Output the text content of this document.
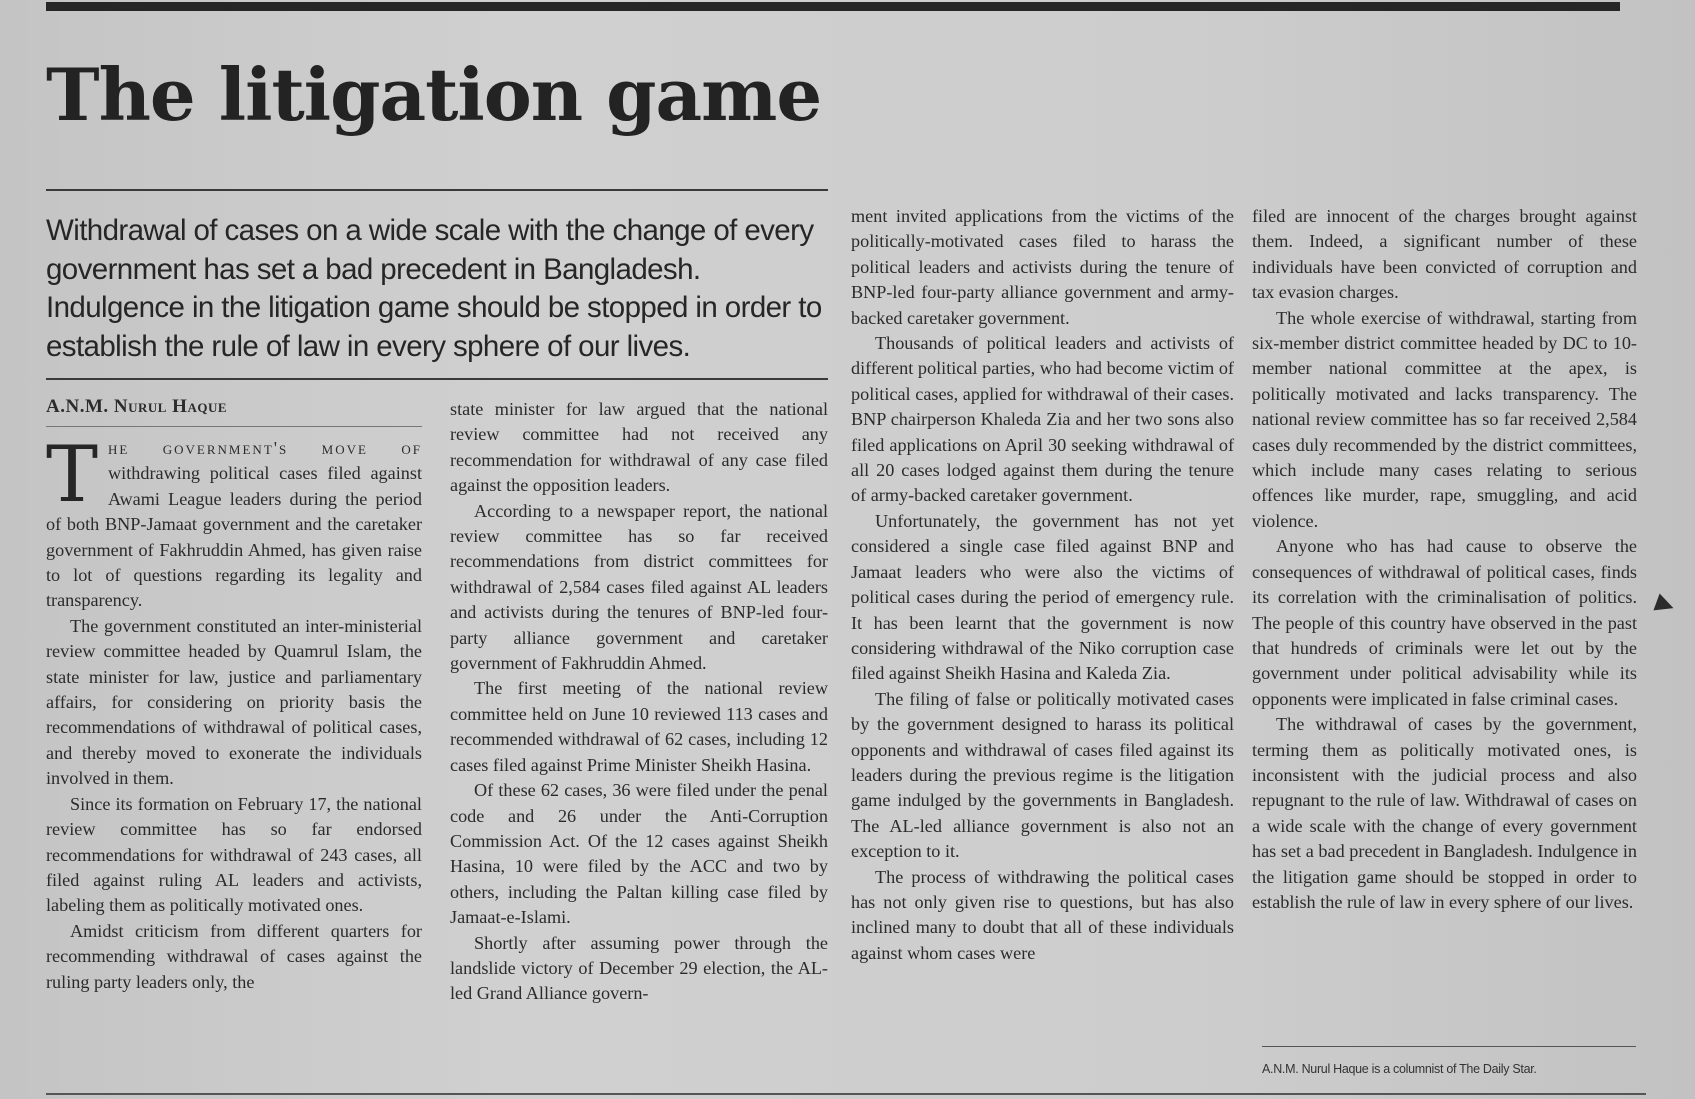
The litigation game

Withdrawal of cases on a wide scale with the change of every government has set a bad precedent in Bangladesh. Indulgence in the litigation game should be stopped in order to establish the rule of law in every sphere of our lives.

A.N.M. Nurul Haque

The government's move of withdrawing political cases filed against Awami League leaders during the period of both BNP-Jamaat government and the caretaker government of Fakhruddin Ahmed, has given raise to lot of questions regarding its legality and transparency.

The government constituted an inter-ministerial review committee headed by Quamrul Islam, the state minister for law, justice and parliamentary affairs, for considering on priority basis the recommendations of withdrawal of political cases, and thereby moved to exonerate the individuals involved in them.

Since its formation on February 17, the national review committee has so far endorsed recommendations for withdrawal of 243 cases, all filed against ruling AL leaders and activists, labeling them as politically motivated ones.

Amidst criticism from different quarters for recommending withdrawal of cases against the ruling party leaders only, the

state minister for law argued that the national review committee had not received any recommendation for withdrawal of any case filed against the opposition leaders.

According to a newspaper report, the national review committee has so far received recommendations from district committees for withdrawal of 2,584 cases filed against AL leaders and activists during the tenures of BNP-led four-party alliance government and caretaker government of Fakhruddin Ahmed.

The first meeting of the national review committee held on June 10 reviewed 113 cases and recommended withdrawal of 62 cases, including 12 cases filed against Prime Minister Sheikh Hasina.

Of these 62 cases, 36 were filed under the penal code and 26 under the Anti-Corruption Commission Act. Of the 12 cases against Sheikh Hasina, 10 were filed by the ACC and two by others, including the Paltan killing case filed by Jamaat-e-Islami.

Shortly after assuming power through the landslide victory of December 29 election, the AL-led Grand Alliance govern-

ment invited applications from the victims of the politically-motivated cases filed to harass the political leaders and activists during the tenure of BNP-led four-party alliance government and army-backed caretaker government.

Thousands of political leaders and activists of different political parties, who had become victim of political cases, applied for withdrawal of their cases. BNP chairperson Khaleda Zia and her two sons also filed applications on April 30 seeking withdrawal of all 20 cases lodged against them during the tenure of army-backed caretaker government.

Unfortunately, the government has not yet considered a single case filed against BNP and Jamaat leaders who were also the victims of political cases during the period of emergency rule. It has been learnt that the government is now considering withdrawal of the Niko corruption case filed against Sheikh Hasina and Kaleda Zia.

The filing of false or politically motivated cases by the government designed to harass its political opponents and withdrawal of cases filed against its leaders during the previous regime is the litigation game indulged by the governments in Bangladesh. The AL-led alliance government is also not an exception to it.

The process of withdrawing the political cases has not only given rise to questions, but has also inclined many to doubt that all of these individuals against whom cases were

filed are innocent of the charges brought against them. Indeed, a significant number of these individuals have been convicted of corruption and tax evasion charges.

The whole exercise of withdrawal, starting from six-member district committee headed by DC to 10-member national committee at the apex, is politically motivated and lacks transparency. The national review committee has so far received 2,584 cases duly recommended by the district committees, which include many cases relating to serious offences like murder, rape, smuggling, and acid violence.

Anyone who has had cause to observe the consequences of withdrawal of political cases, finds its correlation with the criminalisation of politics. The people of this country have observed in the past that hundreds of criminals were let out by the government under political advisability while its opponents were implicated in false criminal cases.

The withdrawal of cases by the government, terming them as politically motivated ones, is inconsistent with the judicial process and also repugnant to the rule of law. Withdrawal of cases on a wide scale with the change of every government has set a bad precedent in Bangladesh. Indulgence in the litigation game should be stopped in order to establish the rule of law in every sphere of our lives.

A.N.M. Nurul Haque is a columnist of The Daily Star.
